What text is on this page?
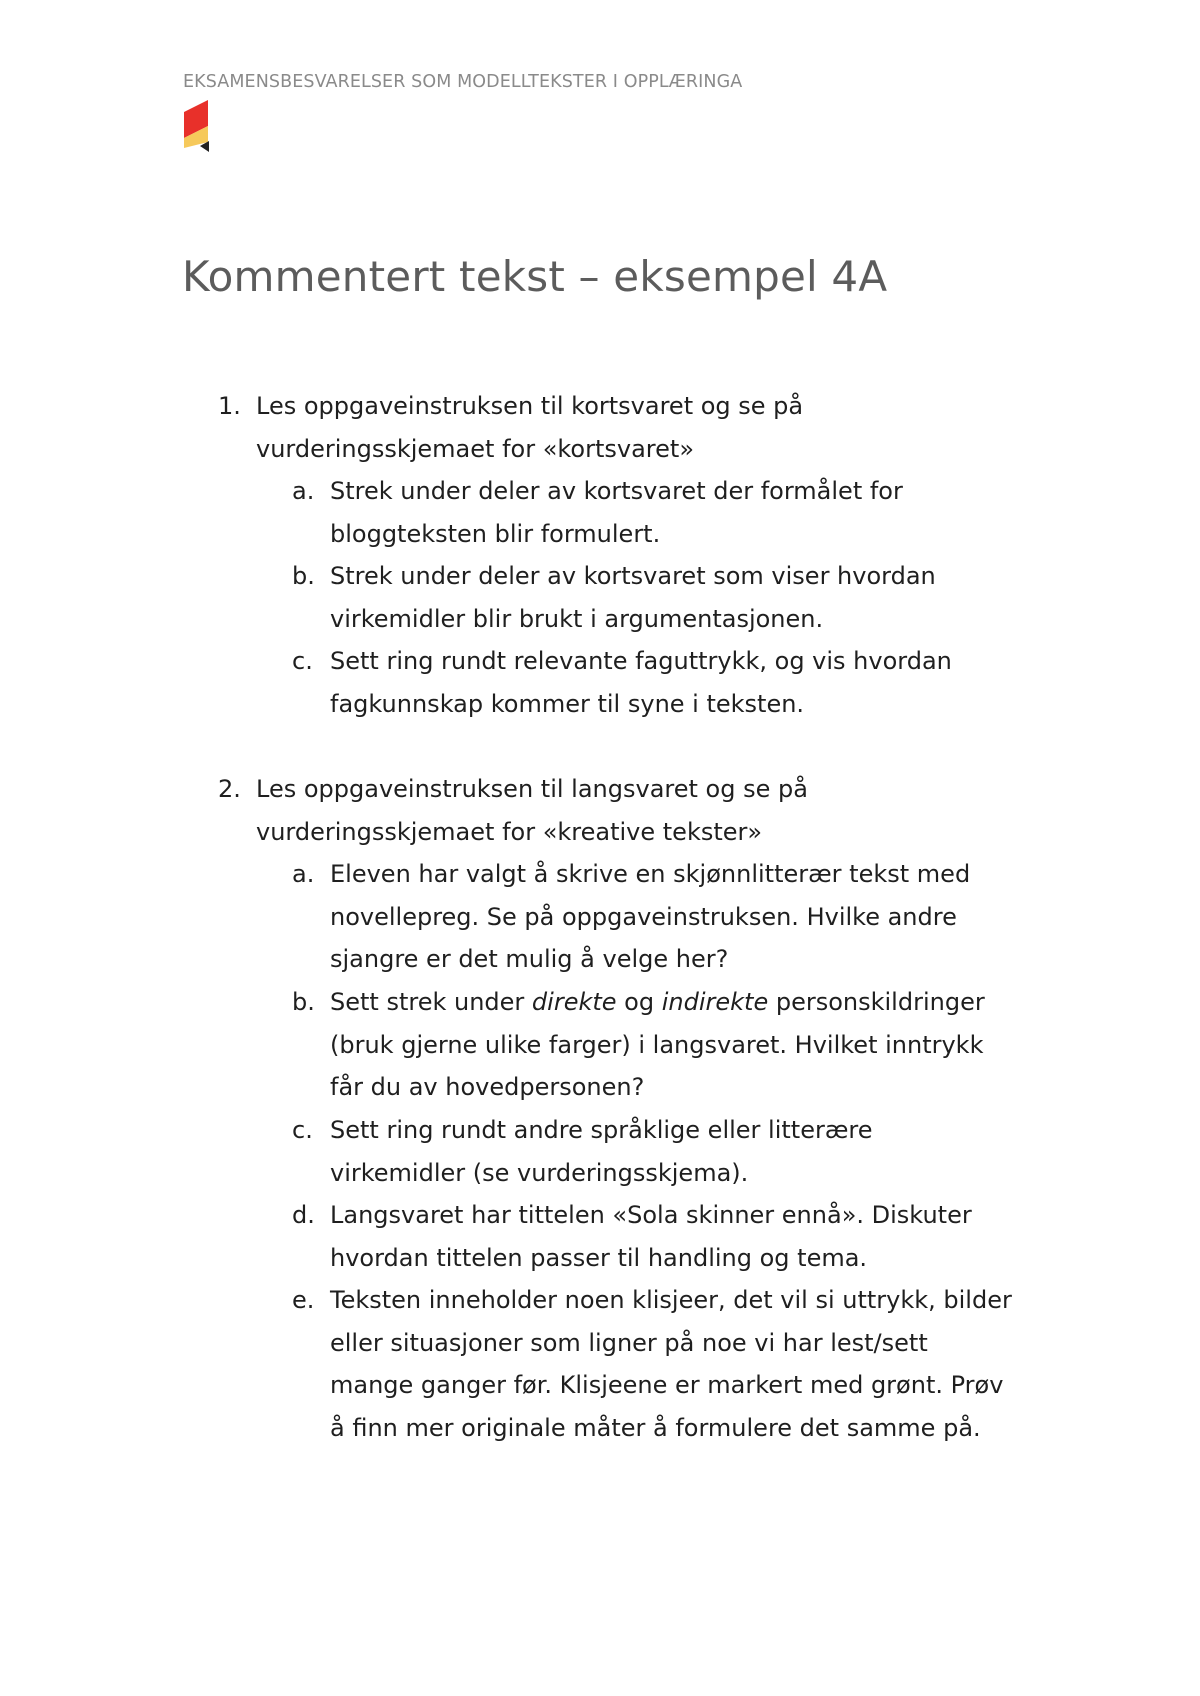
EKSAMENSBESVARELSER SOM MODELLTEKSTER I OPPLÆRINGA
Kommentert tekst – eksempel 4A
1. Les oppgaveinstruksen til kortsvaret og se på
vurderingsskjemaet for «kortsvaret»
a. Strek under deler av kortsvaret der formålet for
bloggteksten blir formulert.
b. Strek under deler av kortsvaret som viser hvordan
virkemidler blir brukt i argumentasjonen.
c. Sett ring rundt relevante faguttrykk, og vis hvordan
fagkunnskap kommer til syne i teksten.
2. Les oppgaveinstruksen til langsvaret og se på
vurderingsskjemaet for «kreative tekster»
a. Eleven har valgt å skrive en skjønnlitterær tekst med
novellepreg. Se på oppgaveinstruksen. Hvilke andre
sjangre er det mulig å velge her?
b. Sett strek under direkte og indirekte personskildringer
(bruk gjerne ulike farger) i langsvaret. Hvilket inntrykk
får du av hovedpersonen?
c. Sett ring rundt andre språklige eller litterære
virkemidler (se vurderingsskjema).
d. Langsvaret har tittelen «Sola skinner ennå». Diskuter
hvordan tittelen passer til handling og tema.
e. Teksten inneholder noen klisjeer, det vil si uttrykk, bilder
eller situasjoner som ligner på noe vi har lest/sett
mange ganger før. Klisjeene er markert med grønt. Prøv
å finn mer originale måter å formulere det samme på.
